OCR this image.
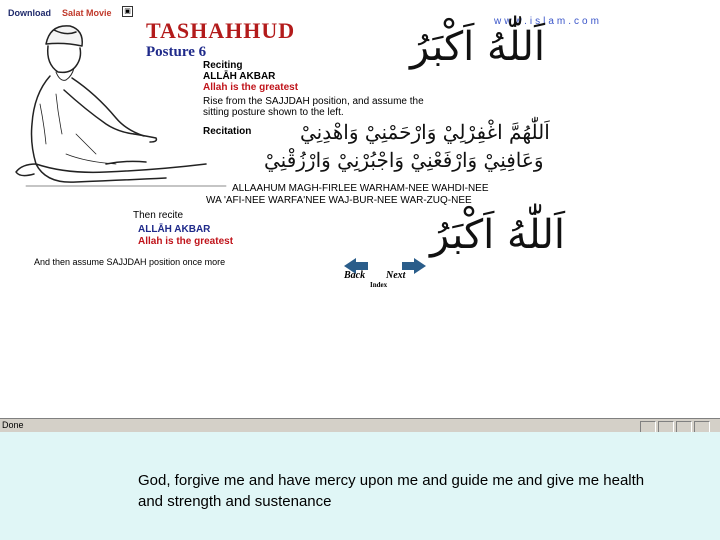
Download Salat Movie	▣
www.islam.com
TASHAHHUD
Posture 6
Reciting
ALLĀH AKBAR
Allah is the greatest
Rise from the SAJJDAH position, and assume the
sitting posture shown to the left.
Recitation
اَللّٰهُ اَكْبَرُ
اَللّٰهُمَّ اغْفِرْلِيْ وَارْحَمْنِيْ وَاهْدِنِيْ
وَعَافِنِيْ وَارْفَعْنِيْ وَاجْبُرْنِيْ وَارْزُقْنِيْ
ALLAAHUM MAGH-FIRLEE WARHAM-NEE WAHDI-NEE
WA 'AFI-NEE WARFA'NEE WAJ-BUR-NEE WAR-ZUQ-NEE
Then recite
ALLĀH AKBAR
Allah is the greatest	اَللّٰهُ اَكْبَرُ
And then assume SAJJDAH position once more
Back Next
Index
Done

God, forgive me and have mercy upon me and guide me and give me health and strength and sustenance
